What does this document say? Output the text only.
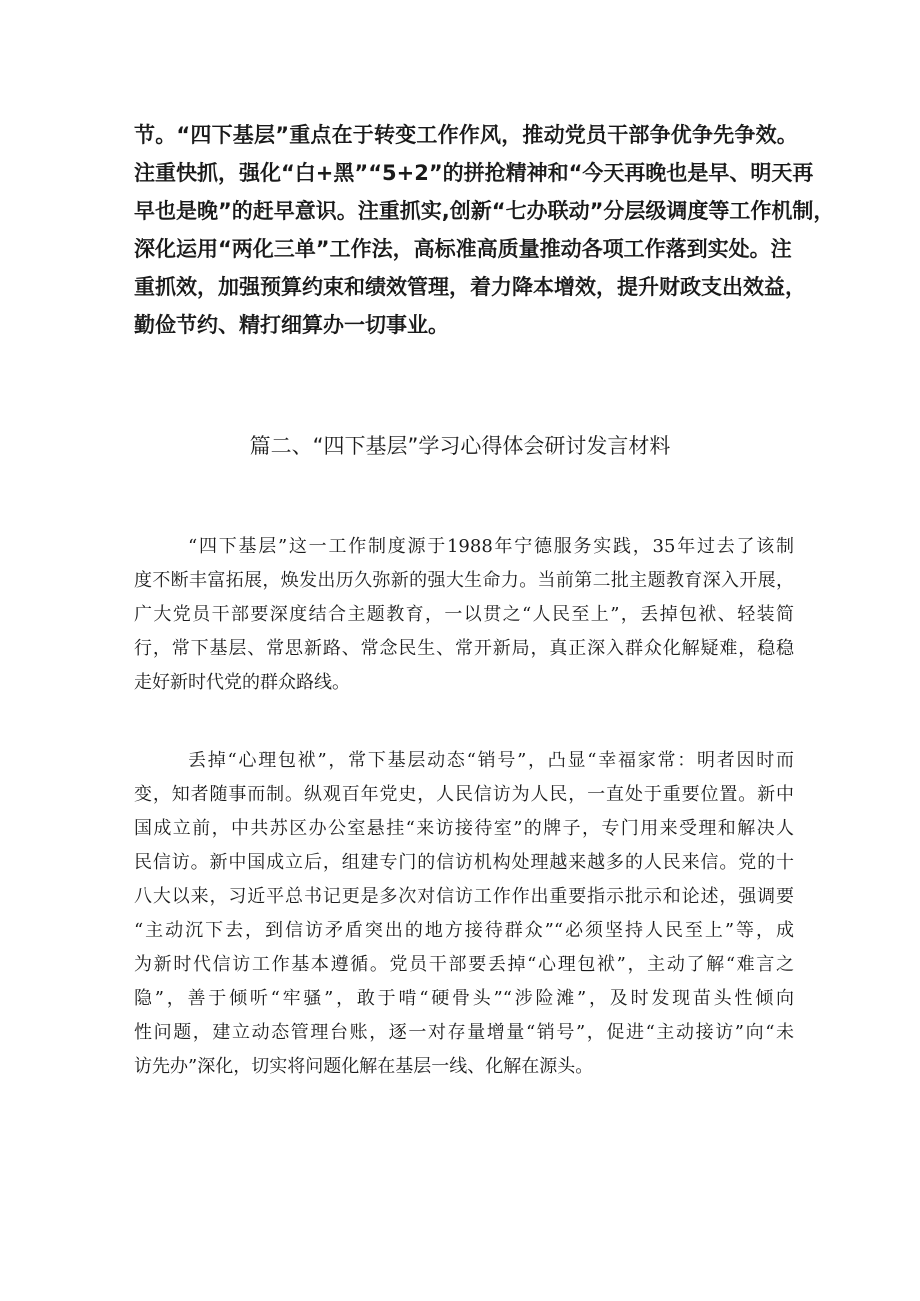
节。“四下基层”重点在于转变工作作风，推动党员干部争优争先争效。
注重快抓，强化“白+黑”“5+2”的拼抢精神和“今天再晚也是早、明天再
早也是晚”的赶早意识。注重抓实,创新“七办联动”分层级调度等工作机制，
深化运用“两化三单”工作法，高标准高质量推动各项工作落到实处。注
重抓效，加强预算约束和绩效管理，着力降本增效，提升财政支出效益，
勤俭节约、精打细算办一切事业。
篇二、“四下基层”学习心得体会研讨发言材料
“四下基层”这一工作制度源于1988年宁德服务实践，35年过去了该制
度不断丰富拓展，焕发出历久弥新的强大生命力。当前第二批主题教育深入开展，
广大党员干部要深度结合主题教育，一以贯之“人民至上”，丢掉包袱、轻装简
行，常下基层、常思新路、常念民生、常开新局，真正深入群众化解疑难，稳稳
走好新时代党的群众路线。
丢掉“心理包袱”，常下基层动态“销号”，凸显“幸福家常：明者因时而
变，知者随事而制。纵观百年党史，人民信访为人民，一直处于重要位置。新中
国成立前，中共苏区办公室悬挂“来访接待室”的牌子，专门用来受理和解决人
民信访。新中国成立后，组建专门的信访机构处理越来越多的人民来信。党的十
八大以来，习近平总书记更是多次对信访工作作出重要指示批示和论述，强调要
“主动沉下去，到信访矛盾突出的地方接待群众”“必须坚持人民至上”等，成
为新时代信访工作基本遵循。党员干部要丢掉“心理包袱”，主动了解“难言之
隐”，善于倾听“牢骚”，敢于啃“硬骨头”“涉险滩”，及时发现苗头性倾向
性问题，建立动态管理台账，逐一对存量增量“销号”，促进“主动接访”向“未
访先办”深化，切实将问题化解在基层一线、化解在源头。
